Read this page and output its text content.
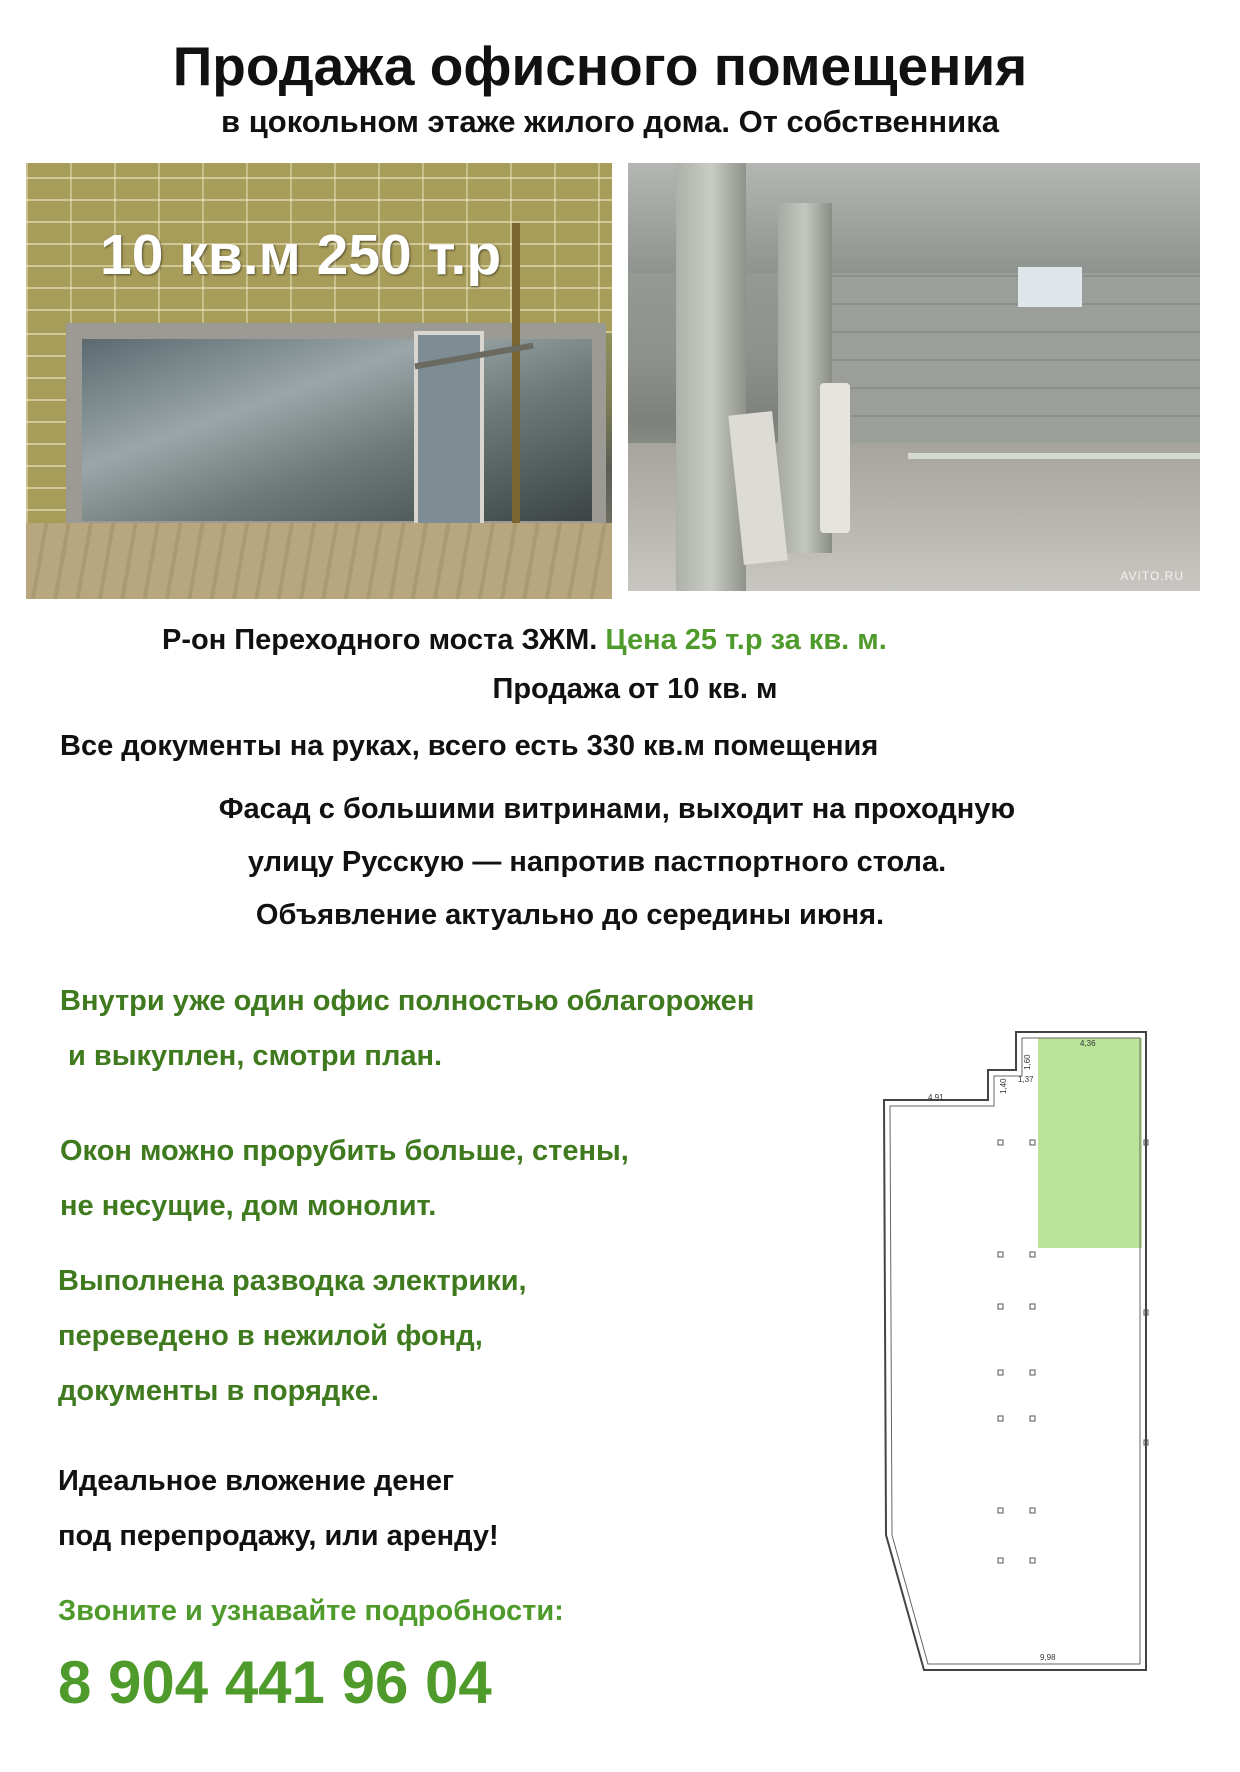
Продажа офисного помещения
в цокольном этаже жилого дома. От собственника
10 кв.м 250 т.р
AVITO.RU
Р-он Переходного моста ЗЖМ. Цена 25 т.р за кв. м.
Продажа от 10 кв. м
Все документы на руках, всего есть 330 кв.м помещения
Фасад с большими витринами, выходит на проходную
улицу Русскую — напротив пастпортного стола.
Объявление актуально до середины июня.
Внутри уже один офис полностью облагорожен
и выкуплен, смотри план.
Окон можно прорубить больше, стены,
не несущие, дом монолит.
Выполнена разводка электрики,
переведено в нежилой фонд,
документы в порядке.
Идеальное вложение денег
под перепродажу, или аренду!
Звоните и узнавайте подробности:
8 904 441 96 04
4,36
1,60
1,40 1,37
4,91
9,98
